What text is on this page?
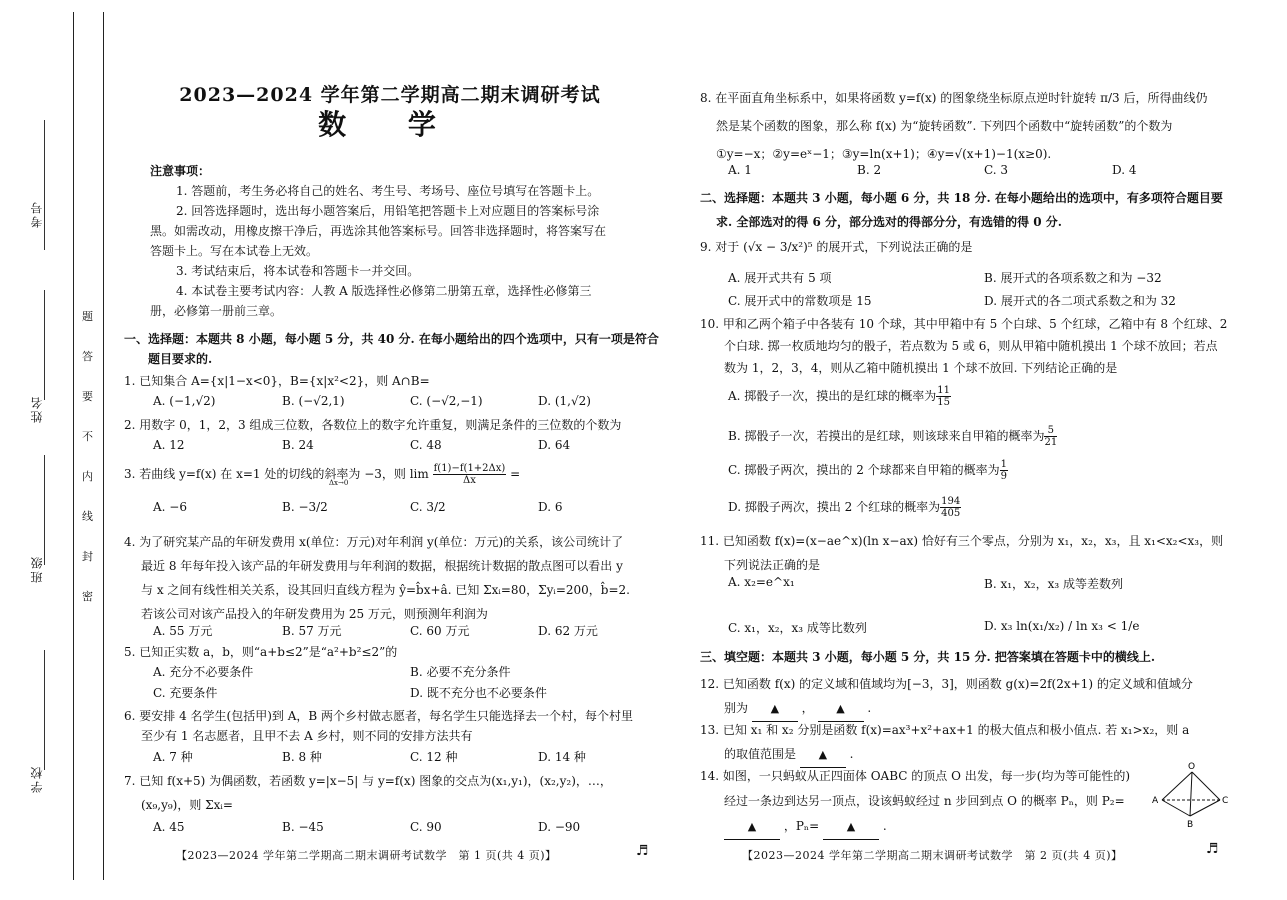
考号
姓名
班级
学校
题
答
要
不
内
线
封
密
2023—2024 学年第二学期高二期末调研考试
数 学
注意事项：
1. 答题前，考生务必将自己的姓名、考生号、考场号、座位号填写在答题卡上。
2. 回答选择题时，选出每小题答案后，用铅笔把答题卡上对应题目的答案标号涂
黑。如需改动，用橡皮擦干净后，再选涂其他答案标号。回答非选择题时，将答案写在
答题卡上。写在本试卷上无效。
3. 考试结束后，将本试卷和答题卡一并交回。
4. 本试卷主要考试内容：人教 A 版选择性必修第二册第五章，选择性必修第三
册，必修第一册前三章。
一、选择题：本题共 8 小题，每小题 5 分，共 40 分. 在每小题给出的四个选项中，只有一项是符合
题目要求的.
1. 已知集合 A={x|1−x<0}，B={x|x²<2}，则 A∩B=
A. (−1,√2)	B. (−√2,1)	C. (−√2,−1)	D. (1,√2)
2. 用数字 0，1，2，3 组成三位数，各数位上的数字允许重复，则满足条件的三位数的个数为
A. 12	B. 24	C. 48	D. 64
3. 若曲线 y=f(x) 在 x=1 处的切线的斜率为 −3，则 $\lim \frac{f(1)-f(1+2\Delta x)}{\Delta x}$ =
Δx→0
A. −6	B. −3/2	C. 3/2	D. 6
4. 为了研究某产品的年研发费用 x(单位：万元)对年利润 y(单位：万元)的关系，该公司统计了
最近 8 年每年投入该产品的年研发费用与年利润的数据，根据统计数据的散点图可以看出 y
与 x 之间有线性相关关系，设其回归直线方程为 ŷ=b̂x+â. 已知 Σxᵢ=80，Σyᵢ=200，b̂=2.
若该公司对该产品投入的年研发费用为 25 万元，则预测年利润为
A. 55 万元	B. 57 万元	C. 60 万元	D. 62 万元
5. 已知正实数 a，b，则“a+b≤2”是“a²+b²≤2”的
A. 充分不必要条件	B. 必要不充分条件
C. 充要条件	D. 既不充分也不必要条件
6. 要安排 4 名学生(包括甲)到 A，B 两个乡村做志愿者，每名学生只能选择去一个村，每个村里
至少有 1 名志愿者，且甲不去 A 乡村，则不同的安排方法共有
A. 7 种	B. 8 种	C. 12 种	D. 14 种
7. 已知 f(x+5) 为偶函数，若函数 y=|x−5| 与 y=f(x) 图象的交点为(x₁,y₁)，(x₂,y₂)，…，
(x₉,y₉)，则 Σxᵢ=
A. 45	B. −45	C. 90	D. −90
【2023—2024 学年第二学期高二期末调研考试数学　第 1 页(共 4 页)】	♬
8. 在平面直角坐标系中，如果将函数 y=f(x) 的图象绕坐标原点逆时针旋转 π/3 后，所得曲线仍
然是某个函数的图象，那么称 f(x) 为“旋转函数”. 下列四个函数中“旋转函数”的个数为
①y=−x；②y=eˣ−1；③y=ln(x+1)；④y=√(x+1)−1(x≥0).
A. 1	B. 2	C. 3	D. 4
二、选择题：本题共 3 小题，每小题 6 分，共 18 分. 在每小题给出的选项中，有多项符合题目要
求. 全部选对的得 6 分，部分选对的得部分分，有选错的得 0 分.
9. 对于 (√x − 3/x²)⁵ 的展开式，下列说法正确的是
A. 展开式共有 5 项	B. 展开式的各项系数之和为 −32
C. 展开式中的常数项是 15	D. 展开式的各二项式系数之和为 32
10. 甲和乙两个箱子中各装有 10 个球，其中甲箱中有 5 个白球、5 个红球，乙箱中有 8 个红球、2
个白球. 掷一枚质地均匀的骰子，若点数为 5 或 6，则从甲箱中随机摸出 1 个球不放回；若点
数为 1，2，3，4，则从乙箱中随机摸出 1 个球不放回. 下列结论正确的是
A. 掷骰子一次，摸出的是红球的概率为 $\frac{11}{15}$
B. 掷骰子一次，若摸出的是红球，则该球来自甲箱的概率为 $\frac{5}{21}$
C. 掷骰子两次，摸出的 2 个球都来自甲箱的概率为 $\frac{1}{9}$
D. 掷骰子两次，摸出 2 个红球的概率为 $\frac{194}{405}$
11. 已知函数 f(x)=(x−ae^x)(ln x−ax) 恰好有三个零点，分别为 x₁，x₂，x₃，且 x₁<x₂<x₃，则
下列说法正确的是
A. x₂=e^x₁	B. x₁，x₂，x₃ 成等差数列
C. x₁，x₂，x₃ 成等比数列	D. x₃ ln(x₁/x₂) / ln x₃ < 1/e
三、填空题：本题共 3 小题，每小题 5 分，共 15 分. 把答案填在答题卡中的横线上.
12. 已知函数 f(x) 的定义域和值域均为[−3，3]，则函数 g(x)=2f(2x+1) 的定义域和值域分
别为 ▲ ， ▲ .
13. 已知 x₁ 和 x₂ 分别是函数 f(x)=ax³+x²+ax+1 的极大值点和极小值点. 若 x₁>x₂，则 a
的取值范围是 ▲ .
14. 如图，一只蚂蚁从正四面体 OABC 的顶点 O 出发，每一步(均为等可能性的)
经过一条边到达另一顶点，设该蚂蚁经过 n 步回到点 O 的概率 Pₙ，则 P₂=
▲ ，Pₙ=	▲ .
O
A
B
C
【2023—2024 学年第二学期高二期末调研考试数学　第 2 页(共 4 页)】	♬
